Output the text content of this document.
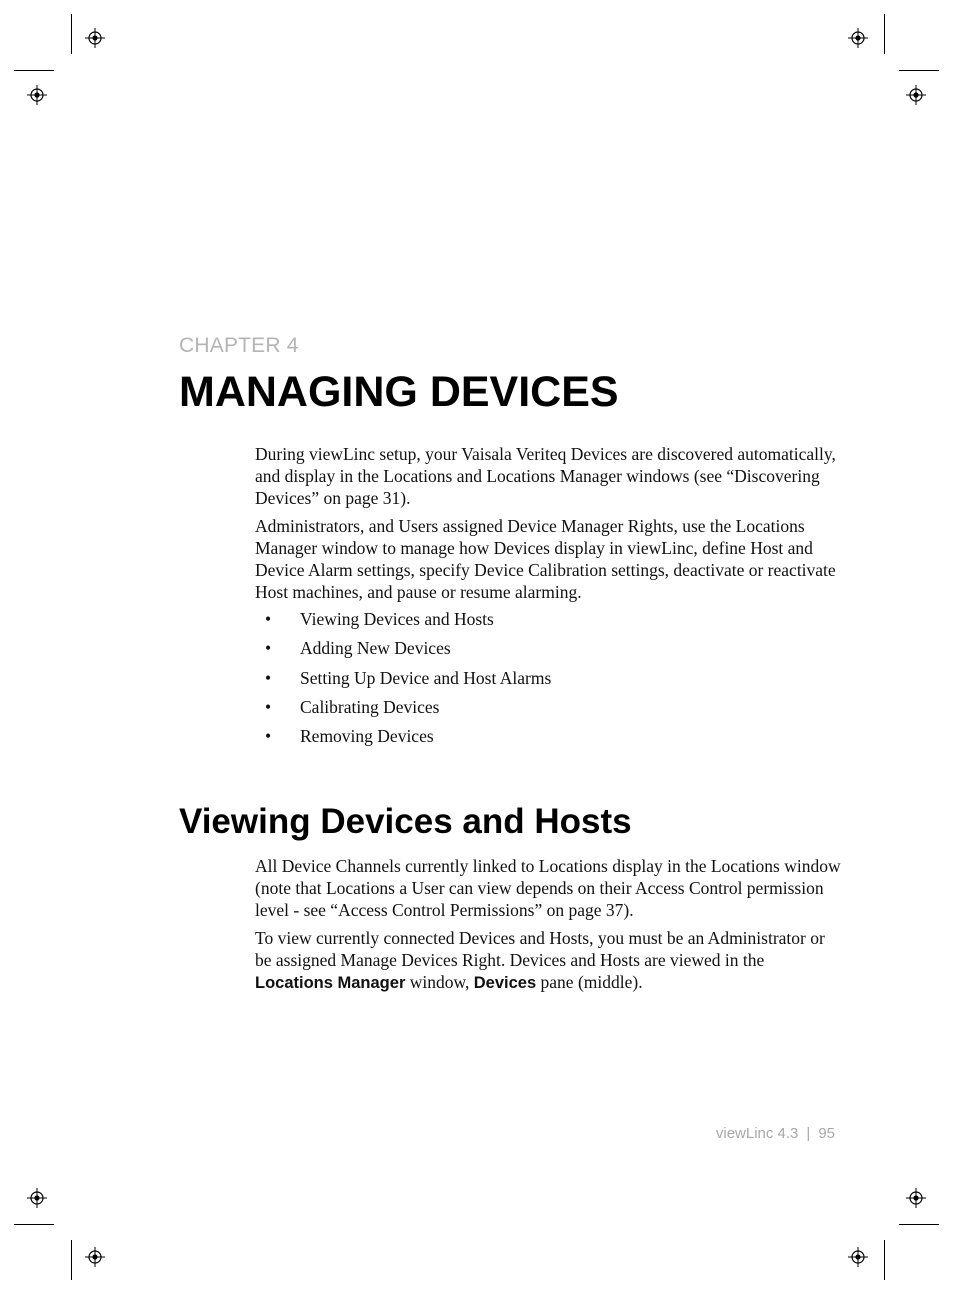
CHAPTER 4
MANAGING DEVICES

During viewLinc setup, your Vaisala Veriteq Devices are discovered automatically, and display in the Locations and Locations Manager windows (see “Discovering Devices” on page 31).

Administrators, and Users assigned Device Manager Rights, use the Locations Manager window to manage how Devices display in viewLinc, define Host and Device Alarm settings, specify Device Calibration settings, deactivate or reactivate Host machines, and pause or resume alarming.

• Viewing Devices and Hosts
• Adding New Devices
• Setting Up Device and Host Alarms
• Calibrating Devices
• Removing Devices
Viewing Devices and Hosts

All Device Channels currently linked to Locations display in the Locations window (note that Locations a User can view depends on their Access Control permission level - see “Access Control Permissions” on page 37).

To view currently connected Devices and Hosts, you must be an Administrator or be assigned Manage Devices Right. Devices and Hosts are viewed in the Locations Manager window, Devices pane (middle).

viewLinc 4.3 | 95
